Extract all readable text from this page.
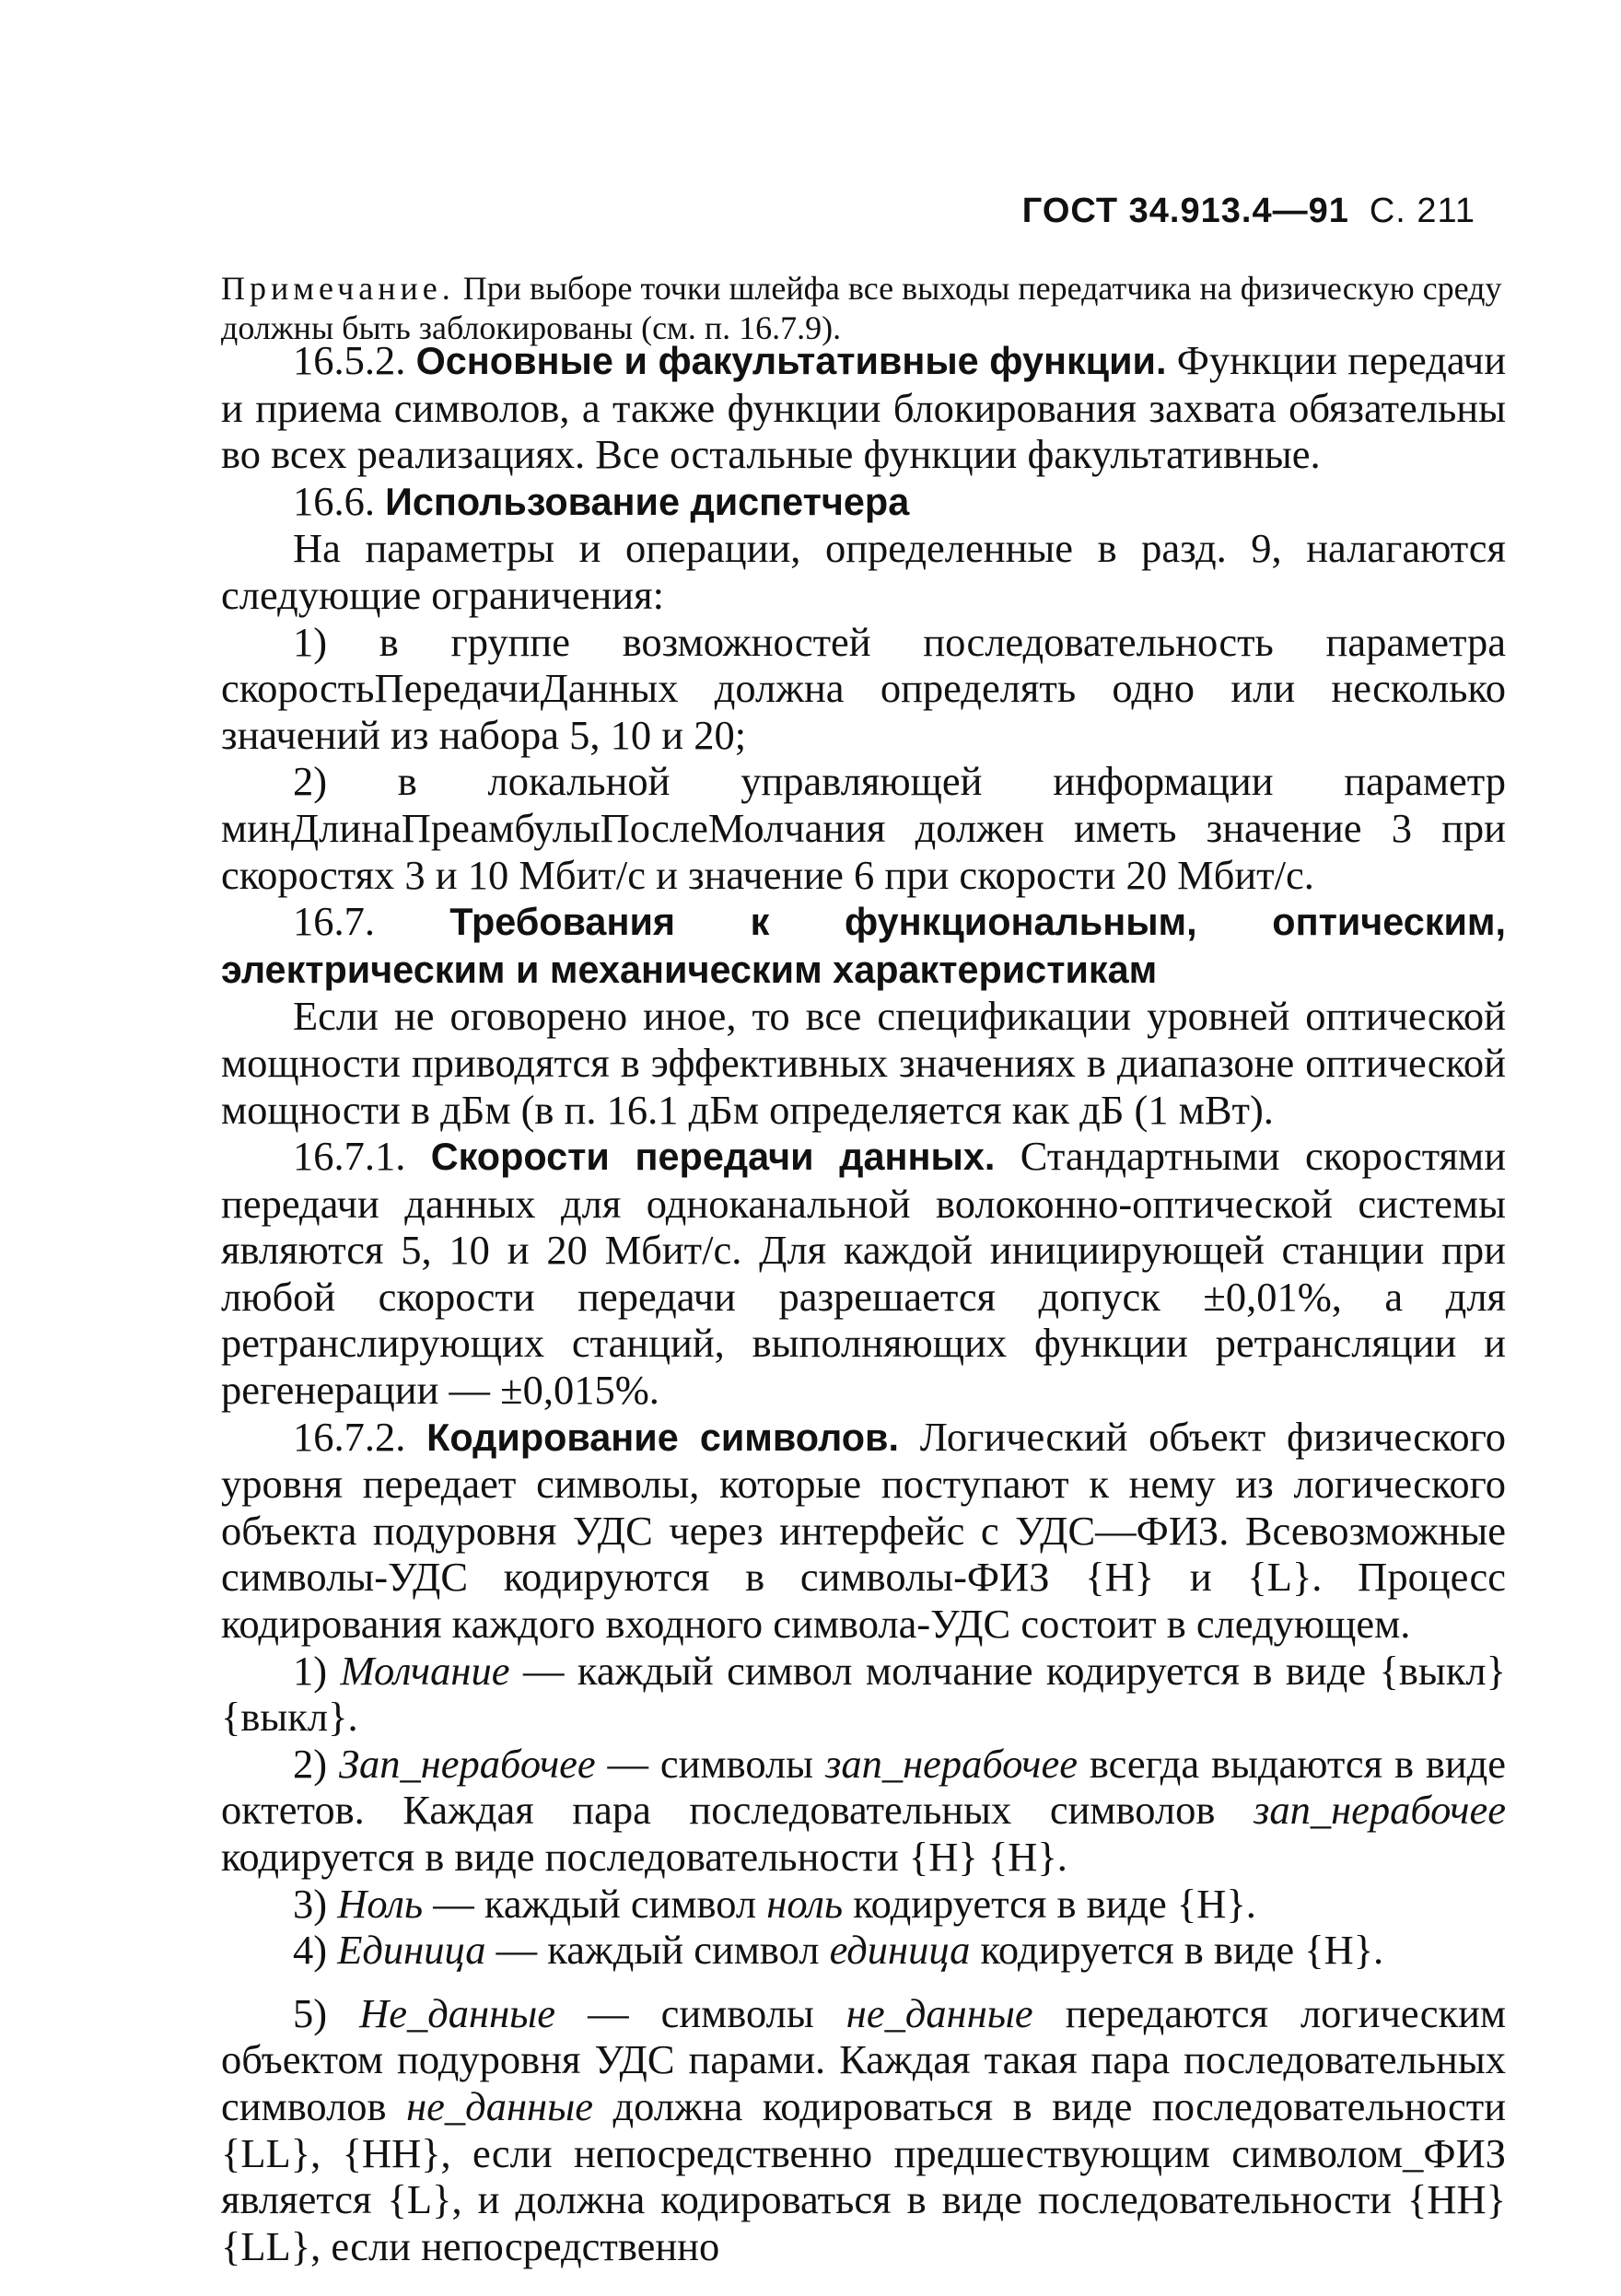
ГОСТ 34.913.4—91 С. 211
Примечание. При выборе точки шлейфа все выходы передатчика на физическую среду должны быть заблокированы (см. п. 16.7.9).

16.5.2. Основные и факультативные функции. Функции передачи и приема символов, а также функции блокирования захвата обязательны во всех реализациях. Все остальные функции факультативные.

16.6. Использование диспетчера

На параметры и операции, определенные в разд. 9, налагаются следующие ограничения:

1) в группе возможностей последовательность параметра скоростьПередачиДанных должна определять одно или несколько значений из набора 5, 10 и 20;

2) в локальной управляющей информации параметр минДлинаПреамбулыПослеМолчания должен иметь значение 3 при скоростях 3 и 10 Мбит/с и значение 6 при скорости 20 Мбит/с.

16.7. Требования к функциональным, оптическим, электрическим и механическим характеристикам

Если не оговорено иное, то все спецификации уровней оптической мощности приводятся в эффективных значениях в диапазоне оптической мощности в дБм (в п. 16.1 дБм определяется как дБ (1 мВт).

16.7.1. Скорости передачи данных. Стандартными скоростями передачи данных для одноканальной волоконно-оптической системы являются 5, 10 и 20 Мбит/с. Для каждой инициирующей станции при любой скорости передачи разрешается допуск ±0,01%, а для ретранслирующих станций, выполняющих функции ретрансляции и регенерации — ±0,015%.

16.7.2. Кодирование символов. Логический объект физического уровня передает символы, которые поступают к нему из логического объекта подуровня УДС через интерфейс с УДС—ФИЗ. Всевозможные символы-УДС кодируются в символы-ФИЗ {H} и {L}. Процесс кодирования каждого входного символа-УДС состоит в следующем.

1) Молчание — каждый символ молчание кодируется в виде {выкл} {выкл}.

2) Зап_нерабочее — символы зап_нерабочее всегда выдаются в виде октетов. Каждая пара последовательных символов зап_нерабочее кодируется в виде последовательности {H} {H}.

3) Ноль — каждый символ ноль кодируется в виде {H}.

4) Единица — каждый символ единица кодируется в виде {H}.

5) Не_данные — символы не_данные передаются логическим объектом подуровня УДС парами. Каждая такая пара последовательных символов не_данные должна кодироваться в виде последовательности {LL}, {HH}, если непосредственно предшествующим символом_ФИЗ является {L}, и должна кодироваться в виде последовательности {HH} {LL}, если непосредственно
